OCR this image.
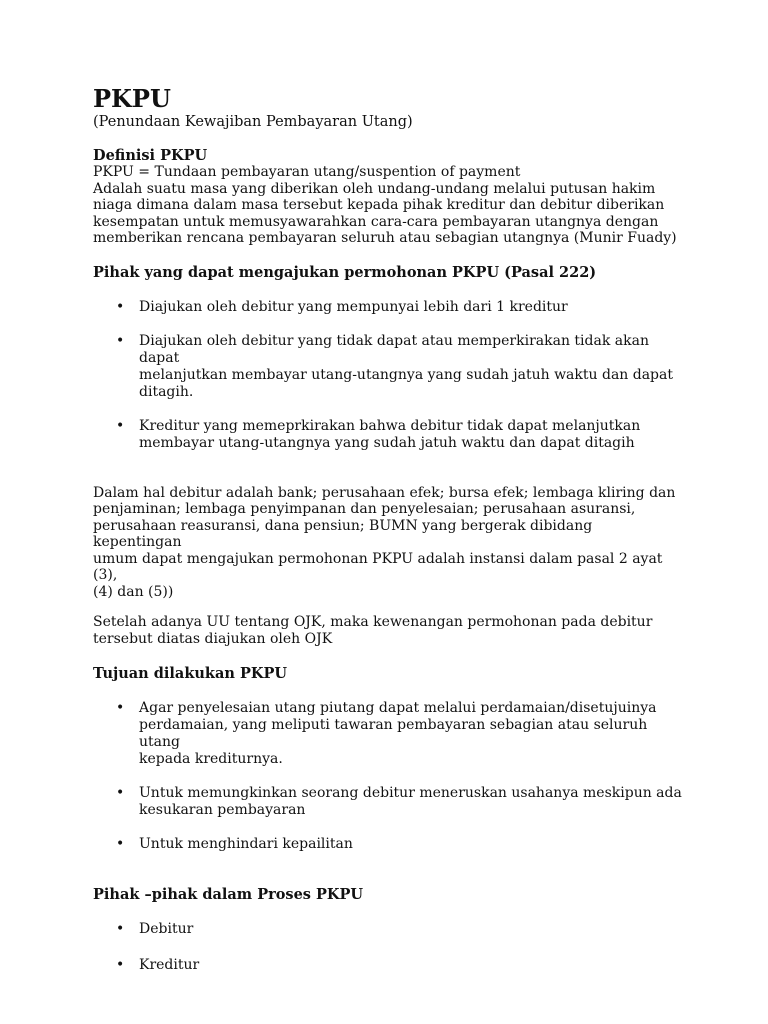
PKPU
(Penundaan Kewajiban Pembayaran Utang)
Definisi PKPU

PKPU = Tundaan pembayaran utang/suspention of payment
Adalah suatu masa yang diberikan oleh undang-undang melalui putusan hakim
niaga dimana dalam masa tersebut kepada pihak kreditur dan debitur diberikan
kesempatan untuk memusyawarahkan cara-cara pembayaran utangnya dengan
memberikan rencana pembayaran seluruh atau sebagian utangnya (Munir Fuady)

Pihak yang dapat mengajukan permohonan PKPU (Pasal 222)
• Diajukan oleh debitur yang mempunyai lebih dari 1 kreditur
• Diajukan oleh debitur yang tidak dapat atau memperkirakan tidak akan dapat
melanjutkan membayar utang-utangnya yang sudah jatuh waktu dan dapat
ditagih.
• Kreditur yang memeprkirakan bahwa debitur tidak dapat melanjutkan
membayar utang-utangnya yang sudah jatuh waktu dan dapat ditagih

Dalam hal debitur adalah bank; perusahaan efek; bursa efek; lembaga kliring dan
penjaminan; lembaga penyimpanan dan penyelesaian; perusahaan asuransi,
perusahaan reasuransi, dana pensiun; BUMN yang bergerak dibidang kepentingan
umum dapat mengajukan permohonan PKPU adalah instansi dalam pasal 2 ayat (3),
(4) dan (5))

Setelah adanya UU tentang OJK, maka kewenangan permohonan pada debitur
tersebut diatas diajukan oleh OJK

Tujuan dilakukan PKPU
• Agar penyelesaian utang piutang dapat melalui perdamaian/disetujuinya
perdamaian, yang meliputi tawaran pembayaran sebagian atau seluruh utang
kepada krediturnya.
• Untuk memungkinkan seorang debitur meneruskan usahanya meskipun ada
kesukaran pembayaran
• Untuk menghindari kepailitan
Pihak –pihak dalam Proses PKPU
• Debitur
• Kreditur
